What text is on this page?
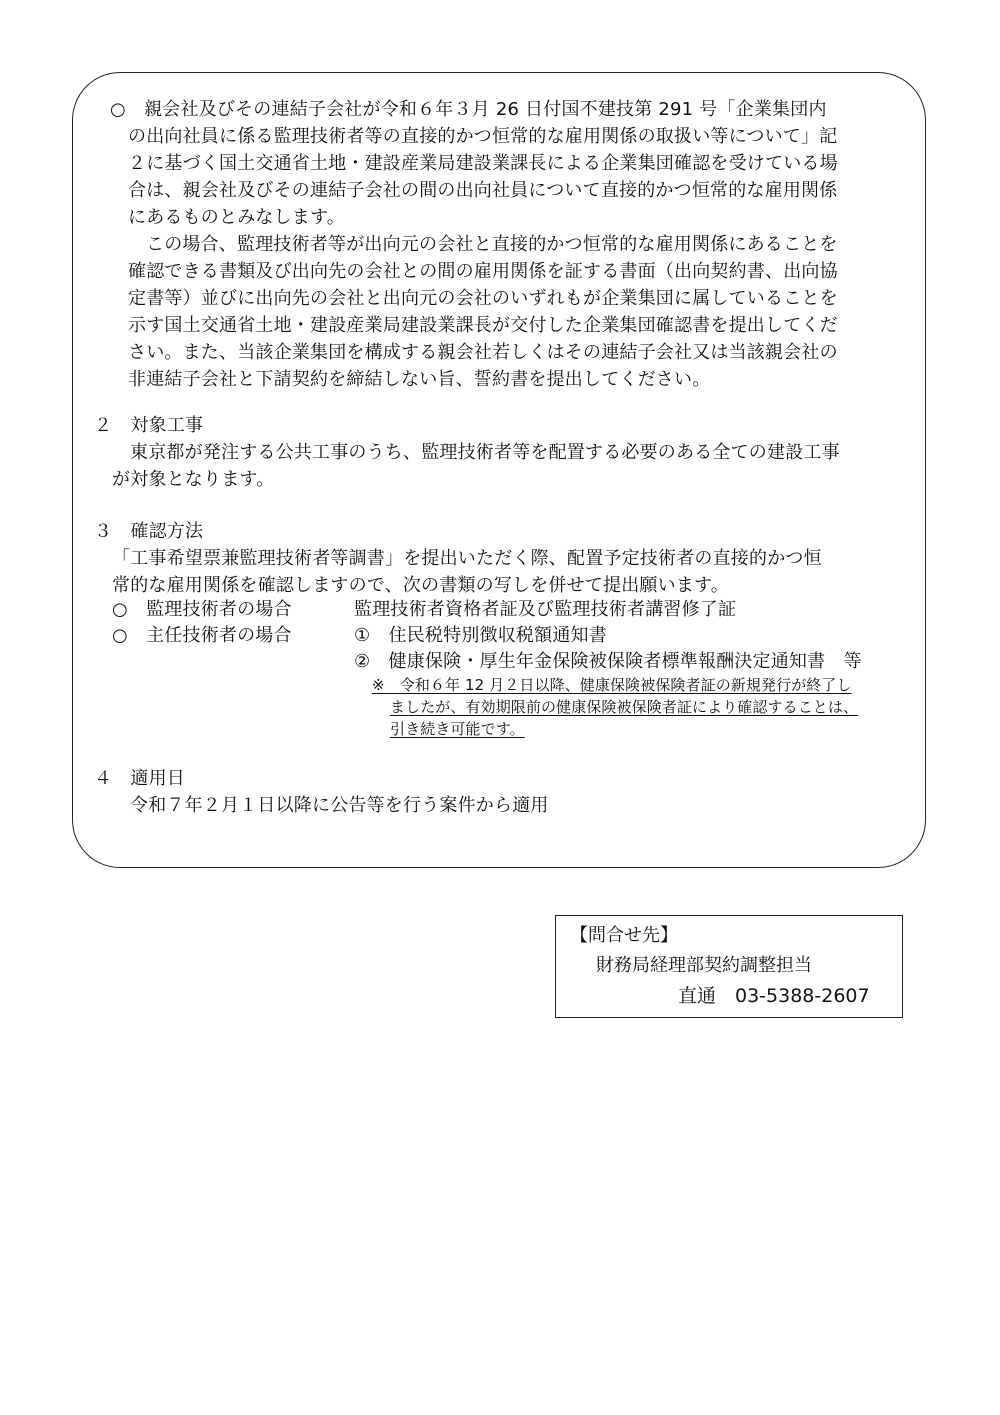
○　親会社及びその連結子会社が令和６年３月 26 日付国不建技第 291 号「企業集団内
の出向社員に係る監理技術者等の直接的かつ恒常的な雇用関係の取扱い等について」記
２に基づく国土交通省土地・建設産業局建設業課長による企業集団確認を受けている場
合は、親会社及びその連結子会社の間の出向社員について直接的かつ恒常的な雇用関係
にあるものとみなします。
この場合、監理技術者等が出向元の会社と直接的かつ恒常的な雇用関係にあることを
確認できる書類及び出向先の会社との間の雇用関係を証する書面（出向契約書、出向協
定書等）並びに出向先の会社と出向元の会社のいずれもが企業集団に属していることを
示す国土交通省土地・建設産業局建設業課長が交付した企業集団確認書を提出してくだ
さい。また、当該企業集団を構成する親会社若しくはその連結子会社又は当該親会社の
非連結子会社と下請契約を締結しない旨、誓約書を提出してください。
２　対象工事
東京都が発注する公共工事のうち、監理技術者等を配置する必要のある全ての建設工事
が対象となります。
３　確認方法
「工事希望票兼監理技術者等調書」を提出いただく際、配置予定技術者の直接的かつ恒
常的な雇用関係を確認しますので、次の書類の写しを併せて提出願います。
○　監理技術者の場合	監理技術者資格者証及び監理技術者講習修了証
○　主任技術者の場合	①　住民税特別徴収税額通知書
②　健康保険・厚生年金保険被保険者標準報酬決定通知書　等
※　令和６年 12 月２日以降、健康保険被保険者証の新規発行が終了し
ましたが、有効期限前の健康保険被保険者証により確認することは、
引き続き可能です。
４　適用日
令和７年２月１日以降に公告等を行う案件から適用
【問合せ先】
財務局経理部契約調整担当
直通　03-5388-2607
